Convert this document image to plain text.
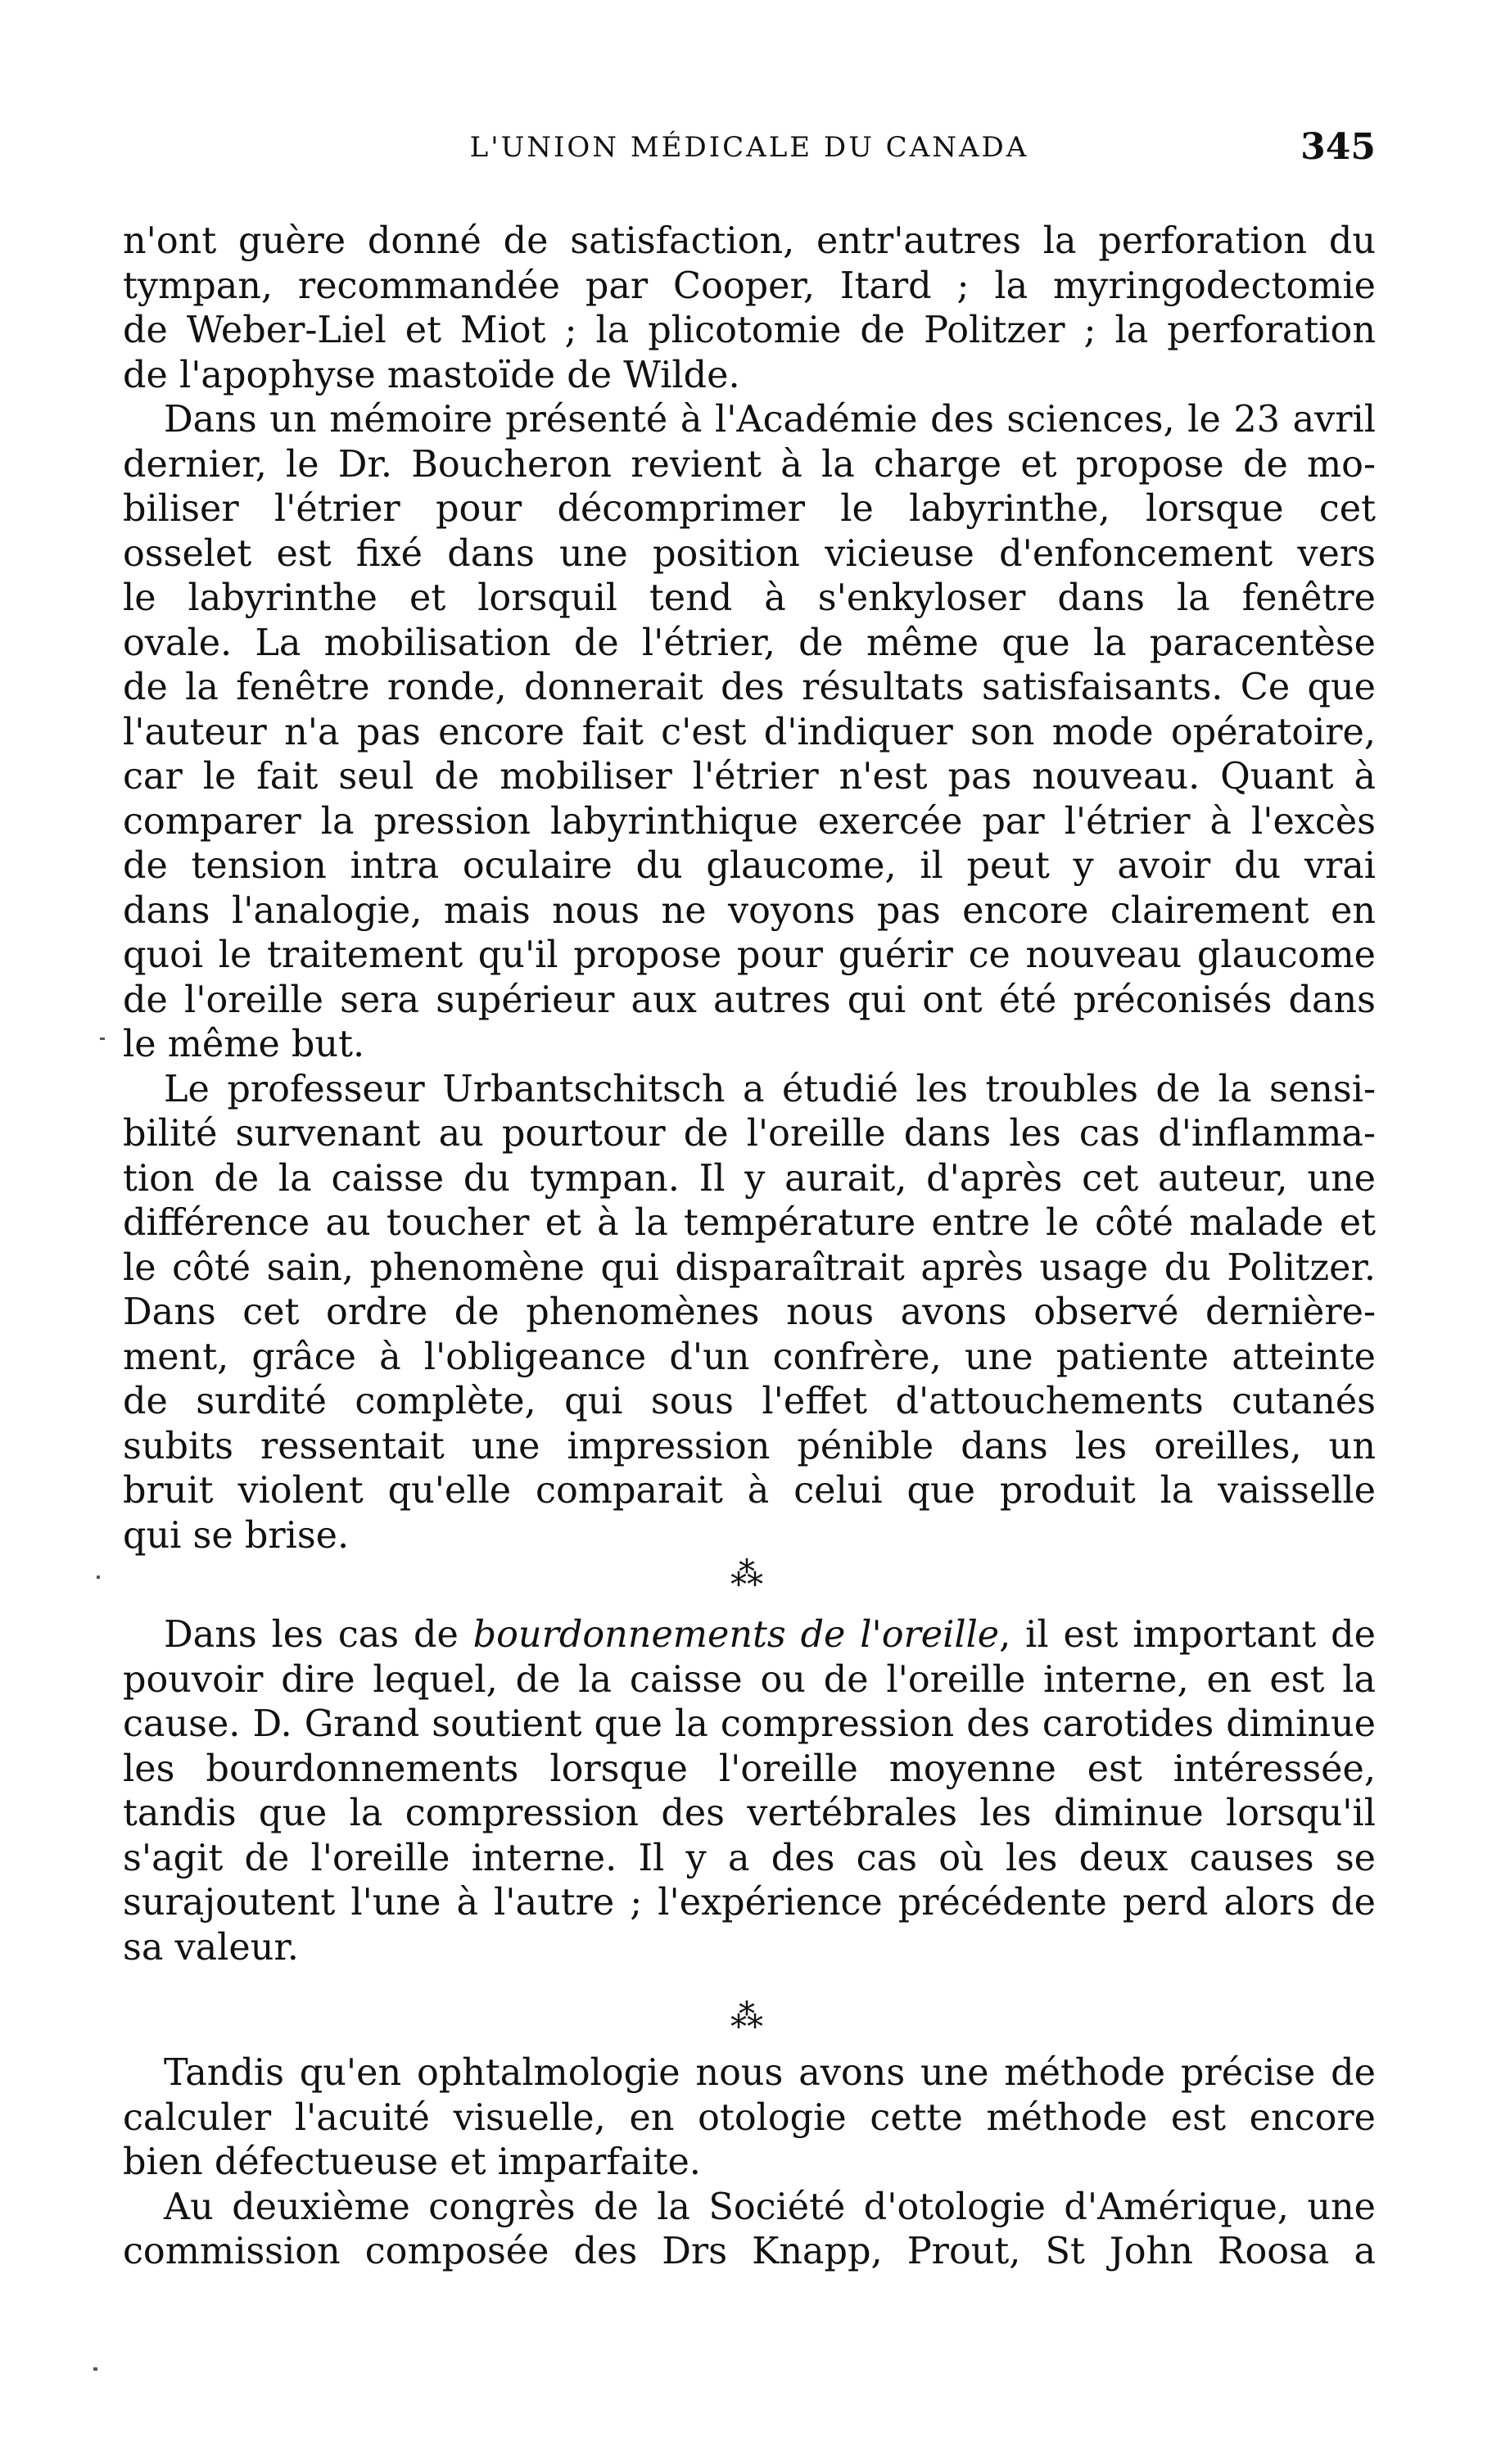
L'UNION MÉDICALE DU CANADA	345
n'ont guère donné de satisfaction, entr'autres la perforation du
tympan, recommandée par Cooper, Itard ; la myringodectomie
de Weber-Liel et Miot ; la plicotomie de Politzer ; la perforation
de l'apophyse mastoïde de Wilde.
Dans un mémoire présenté à l'Académie des sciences, le 23 avril
dernier, le Dr. Boucheron revient à la charge et propose de mo-
biliser l'étrier pour décomprimer le labyrinthe, lorsque cet
osselet est fixé dans une position vicieuse d'enfoncement vers
le labyrinthe et lorsquil tend à s'enkyloser dans la fenêtre
ovale. La mobilisation de l'étrier, de même que la paracentèse
de la fenêtre ronde, donnerait des résultats satisfaisants. Ce que
l'auteur n'a pas encore fait c'est d'indiquer son mode opératoire,
car le fait seul de mobiliser l'étrier n'est pas nouveau. Quant à
comparer la pression labyrinthique exercée par l'étrier à l'excès
de tension intra oculaire du glaucome, il peut y avoir du vrai
dans l'analogie, mais nous ne voyons pas encore clairement en
quoi le traitement qu'il propose pour guérir ce nouveau glaucome
de l'oreille sera supérieur aux autres qui ont été préconisés dans
le même but.
Le professeur Urbantschitsch a étudié les troubles de la sensi-
bilité survenant au pourtour de l'oreille dans les cas d'inflamma-
tion de la caisse du tympan. Il y aurait, d'après cet auteur, une
différence au toucher et à la température entre le côté malade et
le côté sain, phenomène qui disparaîtrait après usage du Politzer.
Dans cet ordre de phenomènes nous avons observé dernière-
ment, grâce à l'obligeance d'un confrère, une patiente atteinte
de surdité complète, qui sous l'effet d'attouchements cutanés
subits ressentait une impression pénible dans les oreilles, un
bruit violent qu'elle comparait à celui que produit la vaisselle
qui se brise.
⁂
Dans les cas de bourdonnements de l'oreille, il est important de
pouvoir dire lequel, de la caisse ou de l'oreille interne, en est la
cause. D. Grand soutient que la compression des carotides diminue
les bourdonnements lorsque l'oreille moyenne est intéressée,
tandis que la compression des vertébrales les diminue lorsqu'il
s'agit de l'oreille interne. Il y a des cas où les deux causes se
surajoutent l'une à l'autre ; l'expérience précédente perd alors de
sa valeur.
⁂
Tandis qu'en ophtalmologie nous avons une méthode précise de
calculer l'acuité visuelle, en otologie cette méthode est encore
bien défectueuse et imparfaite.
Au deuxième congrès de la Société d'otologie d'Amérique, une
commission composée des Drs Knapp, Prout, St John Roosa a
